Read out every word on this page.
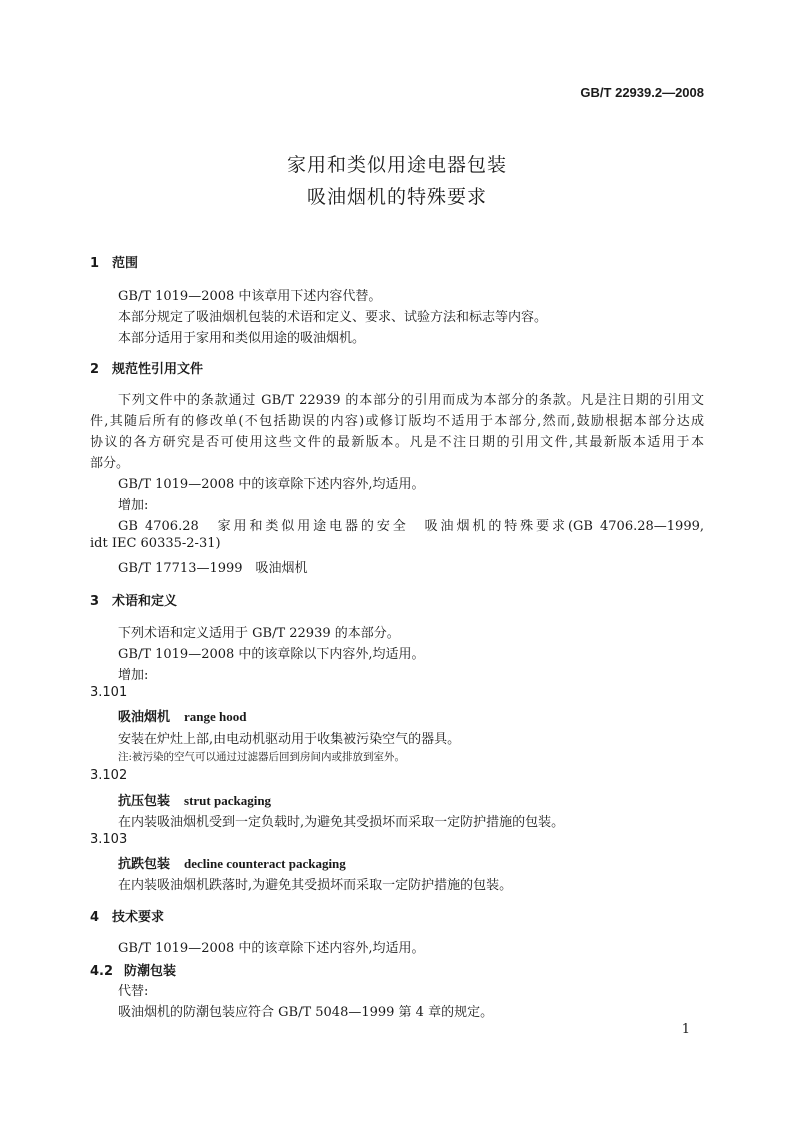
GB/T 22939.2—2008
家用和类似用途电器包装
吸油烟机的特殊要求
1 范围
GB/T 1019—2008 中该章用下述内容代替。
本部分规定了吸油烟机包装的术语和定义、要求、试验方法和标志等内容。
本部分适用于家用和类似用途的吸油烟机。
2 规范性引用文件
下列文件中的条款通过 GB/T 22939 的本部分的引用而成为本部分的条款。凡是注日期的引用文
件,其随后所有的修改单(不包括勘误的内容)或修订版均不适用于本部分,然而,鼓励根据本部分达成
协议的各方研究是否可使用这些文件的最新版本。凡是不注日期的引用文件,其最新版本适用于本
部分。
GB/T 1019—2008 中的该章除下述内容外,均适用。
增加:
GB 4706.28　家用和类似用途电器的安全　吸油烟机的特殊要求(GB 4706.28—1999,
idt IEC 60335-2-31)
GB/T 17713—1999　吸油烟机
3 术语和定义
下列术语和定义适用于 GB/T 22939 的本部分。
GB/T 1019—2008 中的该章除以下内容外,均适用。
增加:
3.101
吸油烟机 range hood
安装在炉灶上部,由电动机驱动用于收集被污染空气的器具。
注:被污染的空气可以通过过滤器后回到房间内或排放到室外。
3.102
抗压包装 strut packaging
在内装吸油烟机受到一定负载时,为避免其受损坏而采取一定防护措施的包装。
3.103
抗跌包装 decline counteract packaging
在内装吸油烟机跌落时,为避免其受损坏而采取一定防护措施的包装。
4 技术要求
GB/T 1019—2008 中的该章除下述内容外,均适用。
4.2 防潮包装
代替:
吸油烟机的防潮包装应符合 GB/T 5048—1999 第 4 章的规定。
1
